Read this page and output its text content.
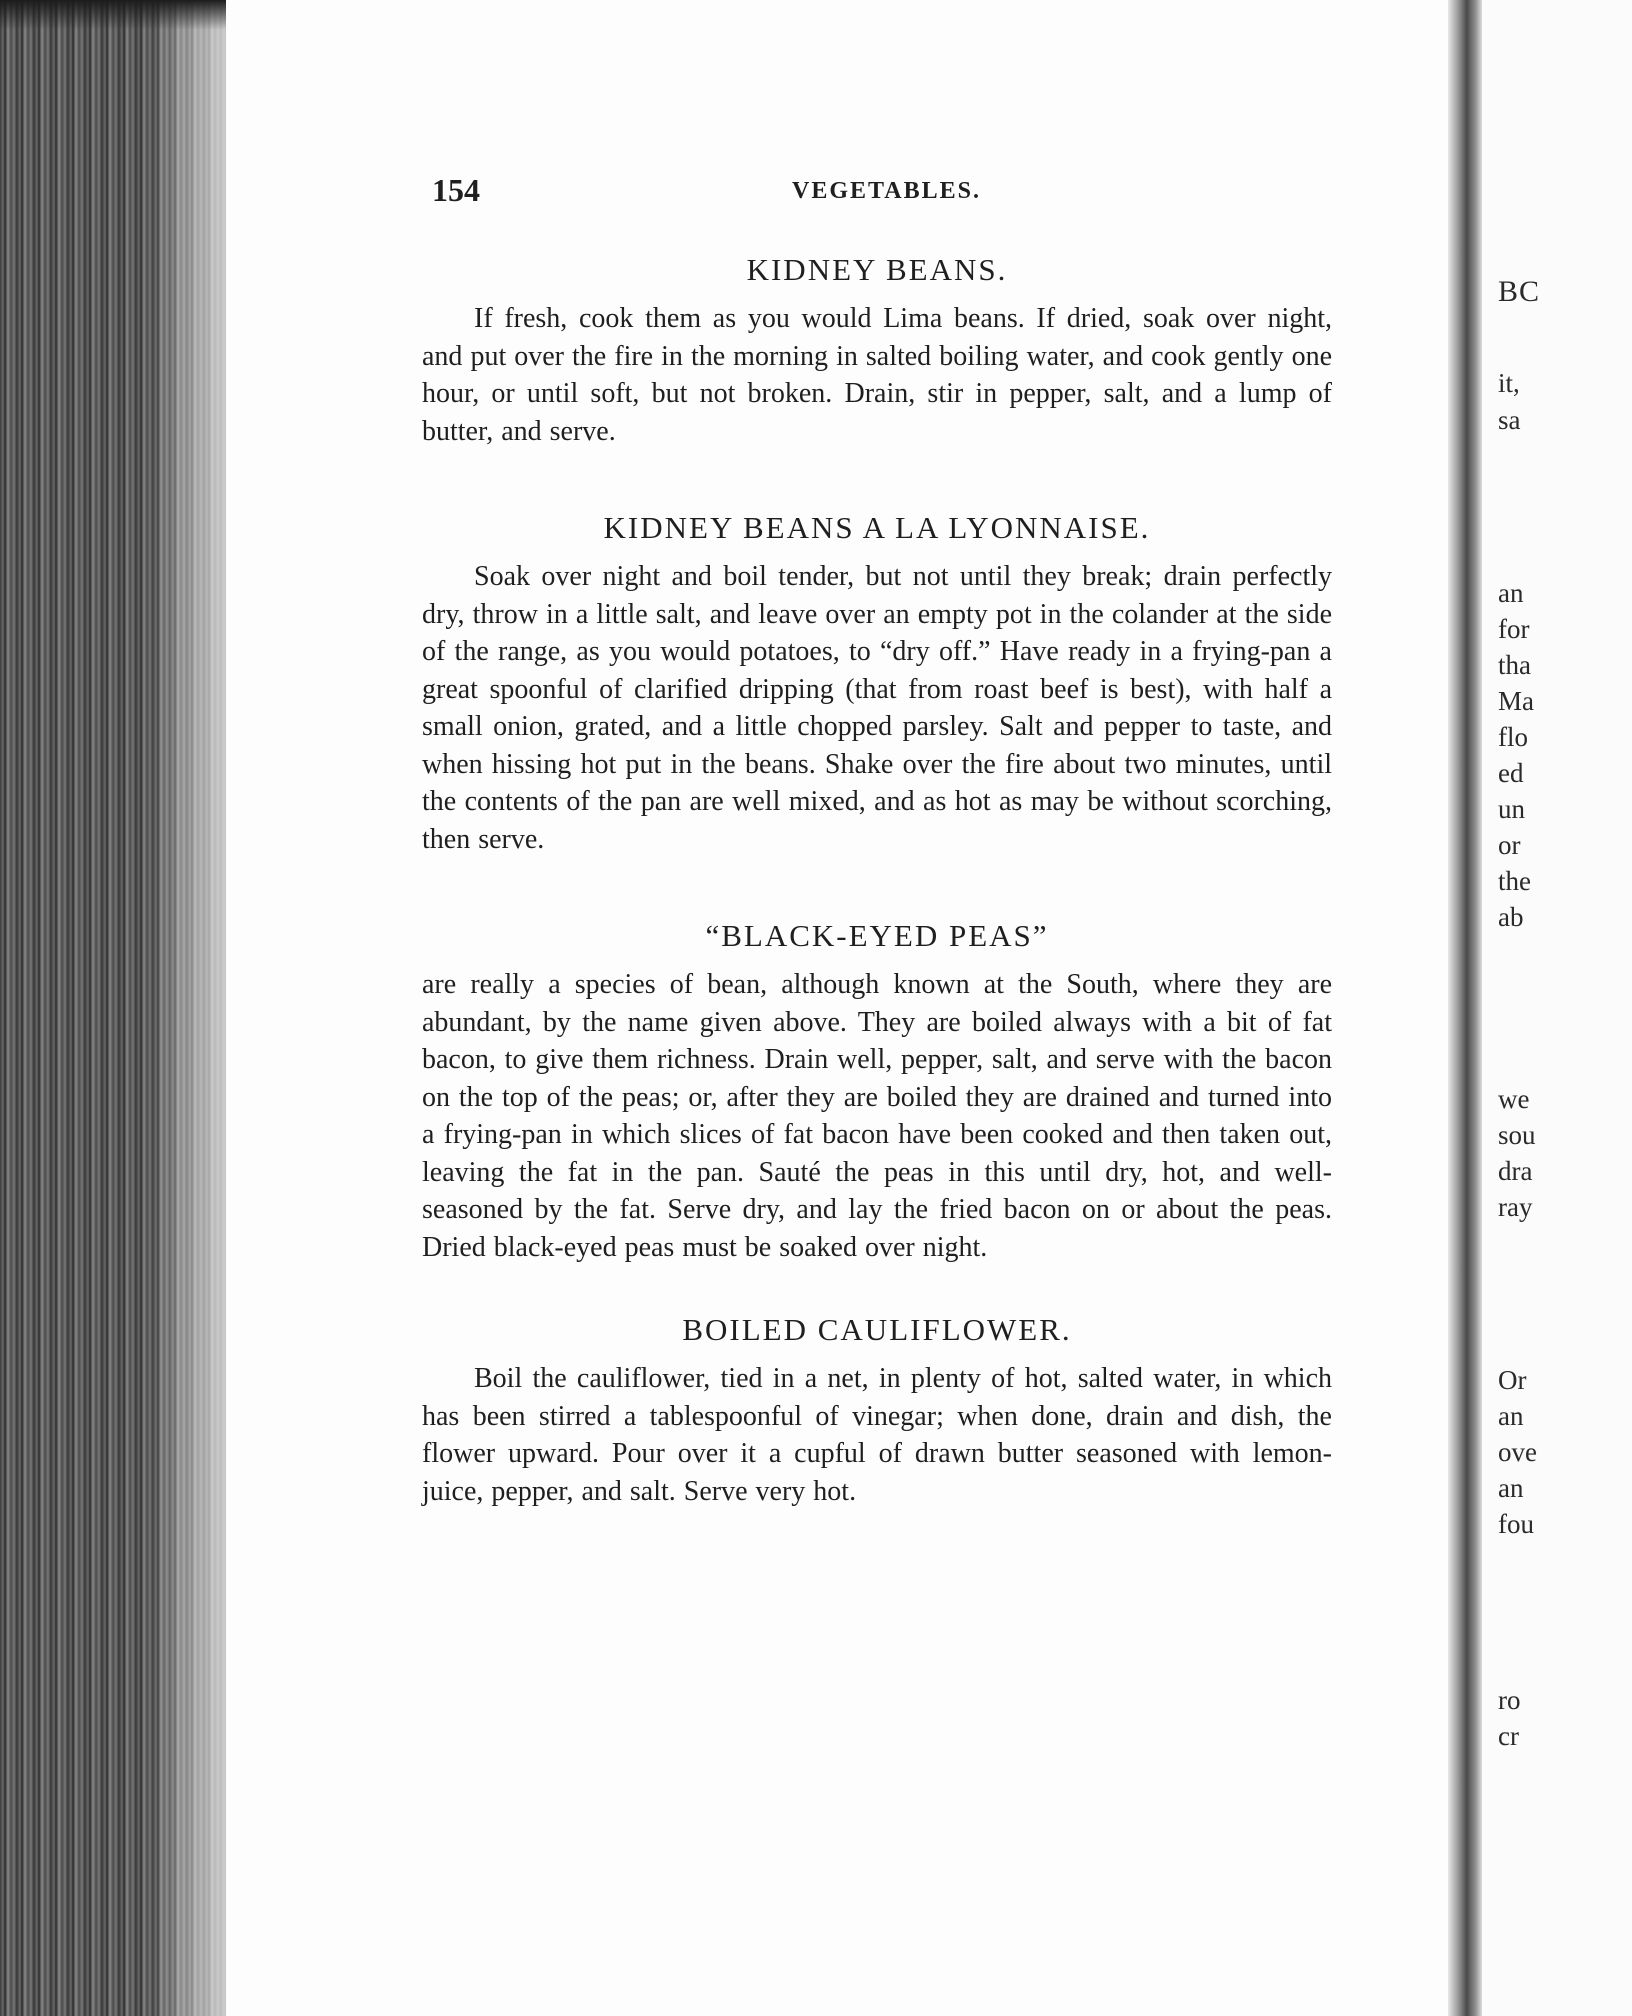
154	VEGETABLES.
KIDNEY BEANS.

If fresh, cook them as you would Lima beans. If dried, soak over night, and put over the fire in the morning in salted boiling water, and cook gently one hour, or until soft, but not broken. Drain, stir in pepper, salt, and a lump of butter, and serve.

KIDNEY BEANS A LA LYONNAISE.

Soak over night and boil tender, but not until they break; drain perfectly dry, throw in a little salt, and leave over an empty pot in the colander at the side of the range, as you would potatoes, to “dry off.” Have ready in a frying-pan a great spoonful of clarified dripping (that from roast beef is best), with half a small onion, grated, and a little chopped parsley. Salt and pepper to taste, and when hissing hot put in the beans. Shake over the fire about two minutes, until the contents of the pan are well mixed, and as hot as may be without scorching, then serve.

“BLACK-EYED PEAS”

are really a species of bean, although known at the South, where they are abundant, by the name given above. They are boiled always with a bit of fat bacon, to give them richness. Drain well, pepper, salt, and serve with the bacon on the top of the peas; or, after they are boiled they are drained and turned into a frying-pan in which slices of fat bacon have been cooked and then taken out, leaving the fat in the pan. Sauté the peas in this until dry, hot, and well-seasoned by the fat. Serve dry, and lay the fried bacon on or about the peas. Dried black-eyed peas must be soaked over night.

BOILED CAULIFLOWER.

Boil the cauliflower, tied in a net, in plenty of hot, salted water, in which has been stirred a tablespoonful of vinegar; when done, drain and dish, the flower upward. Pour over it a cupful of drawn butter seasoned with lemon-juice, pepper, and salt. Serve very hot.

BC
it,
sa
an
for
tha
Ma
flo
ed
un
or
the
ab
we
sou
dra
ray
Or
an
ove
an
fou
ro
cr
